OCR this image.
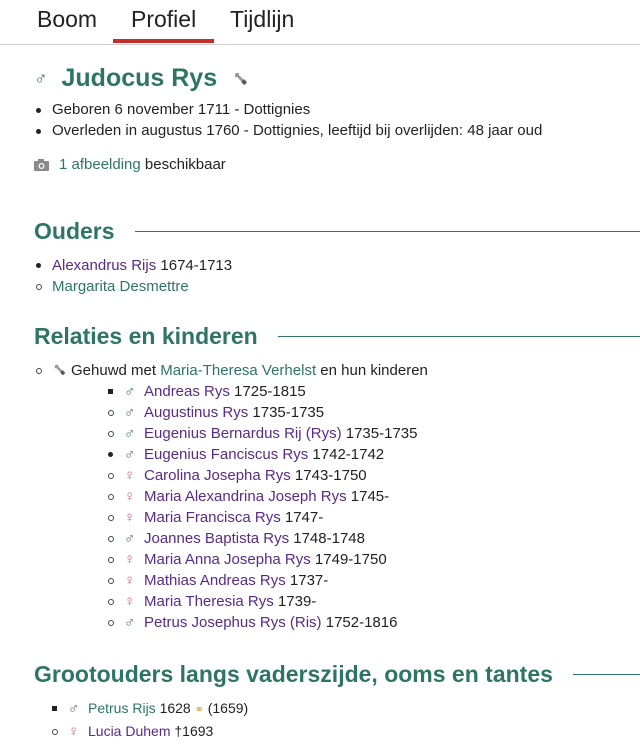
Boom Profiel Tijdlijn
♂ Judocus Rys
Geboren 6 november 1711 - Dottignies
Overleden in augustus 1760 - Dottignies, leeftijd bij overlijden: 48 jaar oud
1 afbeelding beschikbaar
Ouders
Alexandrus Rijs 1674-1713
Margarita Desmettre
Relaties en kinderen
Gehuwd met Maria-Theresa Verhelst en hun kinderen
♂ Andreas Rys 1725-1815
♂ Augustinus Rys 1735-1735
♂ Eugenius Bernardus Rij (Rys) 1735-1735
♂ Eugenius Fanciscus Rys 1742-1742
♀ Carolina Josepha Rys 1743-1750
♀ Maria Alexandrina Joseph Rys 1745-
♀ Maria Francisca Rys 1747-
♂ Joannes Baptista Rys 1748-1748
♀ Maria Anna Josepha Rys 1749-1750
♀ Mathias Andreas Rys 1737-
♀ Maria Theresia Rys 1739-
♂ Petrus Josephus Rys (Ris) 1752-1816
Grootouders langs vaderszijde, ooms en tantes
♂ Petrus Rijs 1628 ⚭ (1659)
♀ Lucia Duhem †1693
